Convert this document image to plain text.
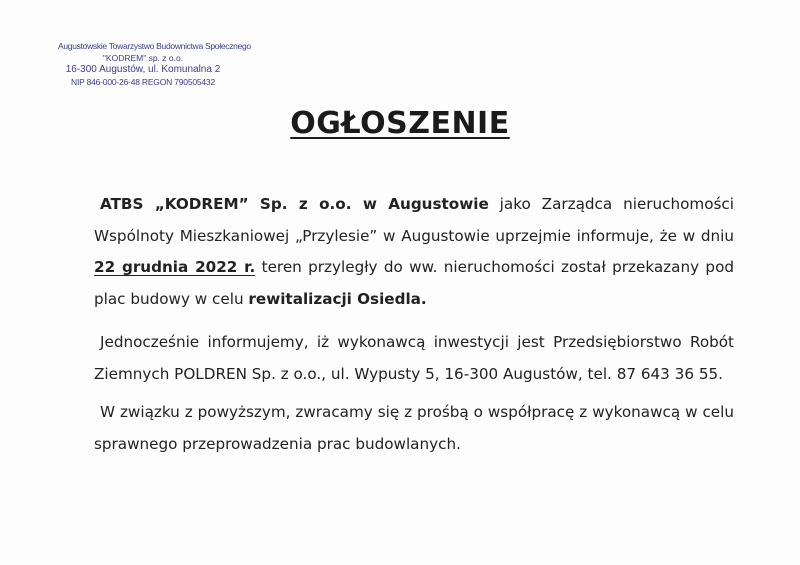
Augustowskie Towarzystwo Budownictwa Społecznego
"KODREM" sp. z o.o.
16-300 Augustów, ul. Komunalna 2
NIP 846-000-26-48 REGON 790505432
OGŁOSZENIE
ATBS „KODREM” Sp. z o.o. w Augustowie jako Zarządca nieruchomości Wspólnoty Mieszkaniowej „Przylesie” w Augustowie uprzejmie informuje, że w dniu 22 grudnia 2022 r. teren przyległy do ww. nieruchomości został przekazany pod plac budowy w celu rewitalizacji Osiedla.
Jednocześnie informujemy, iż wykonawcą inwestycji jest Przedsiębiorstwo Robót Ziemnych POLDREN Sp. z o.o., ul. Wypusty 5, 16-300 Augustów, tel. 87 643 36 55.
W związku z powyższym, zwracamy się z prośbą o współpracę z wykonawcą w celu sprawnego przeprowadzenia prac budowlanych.
